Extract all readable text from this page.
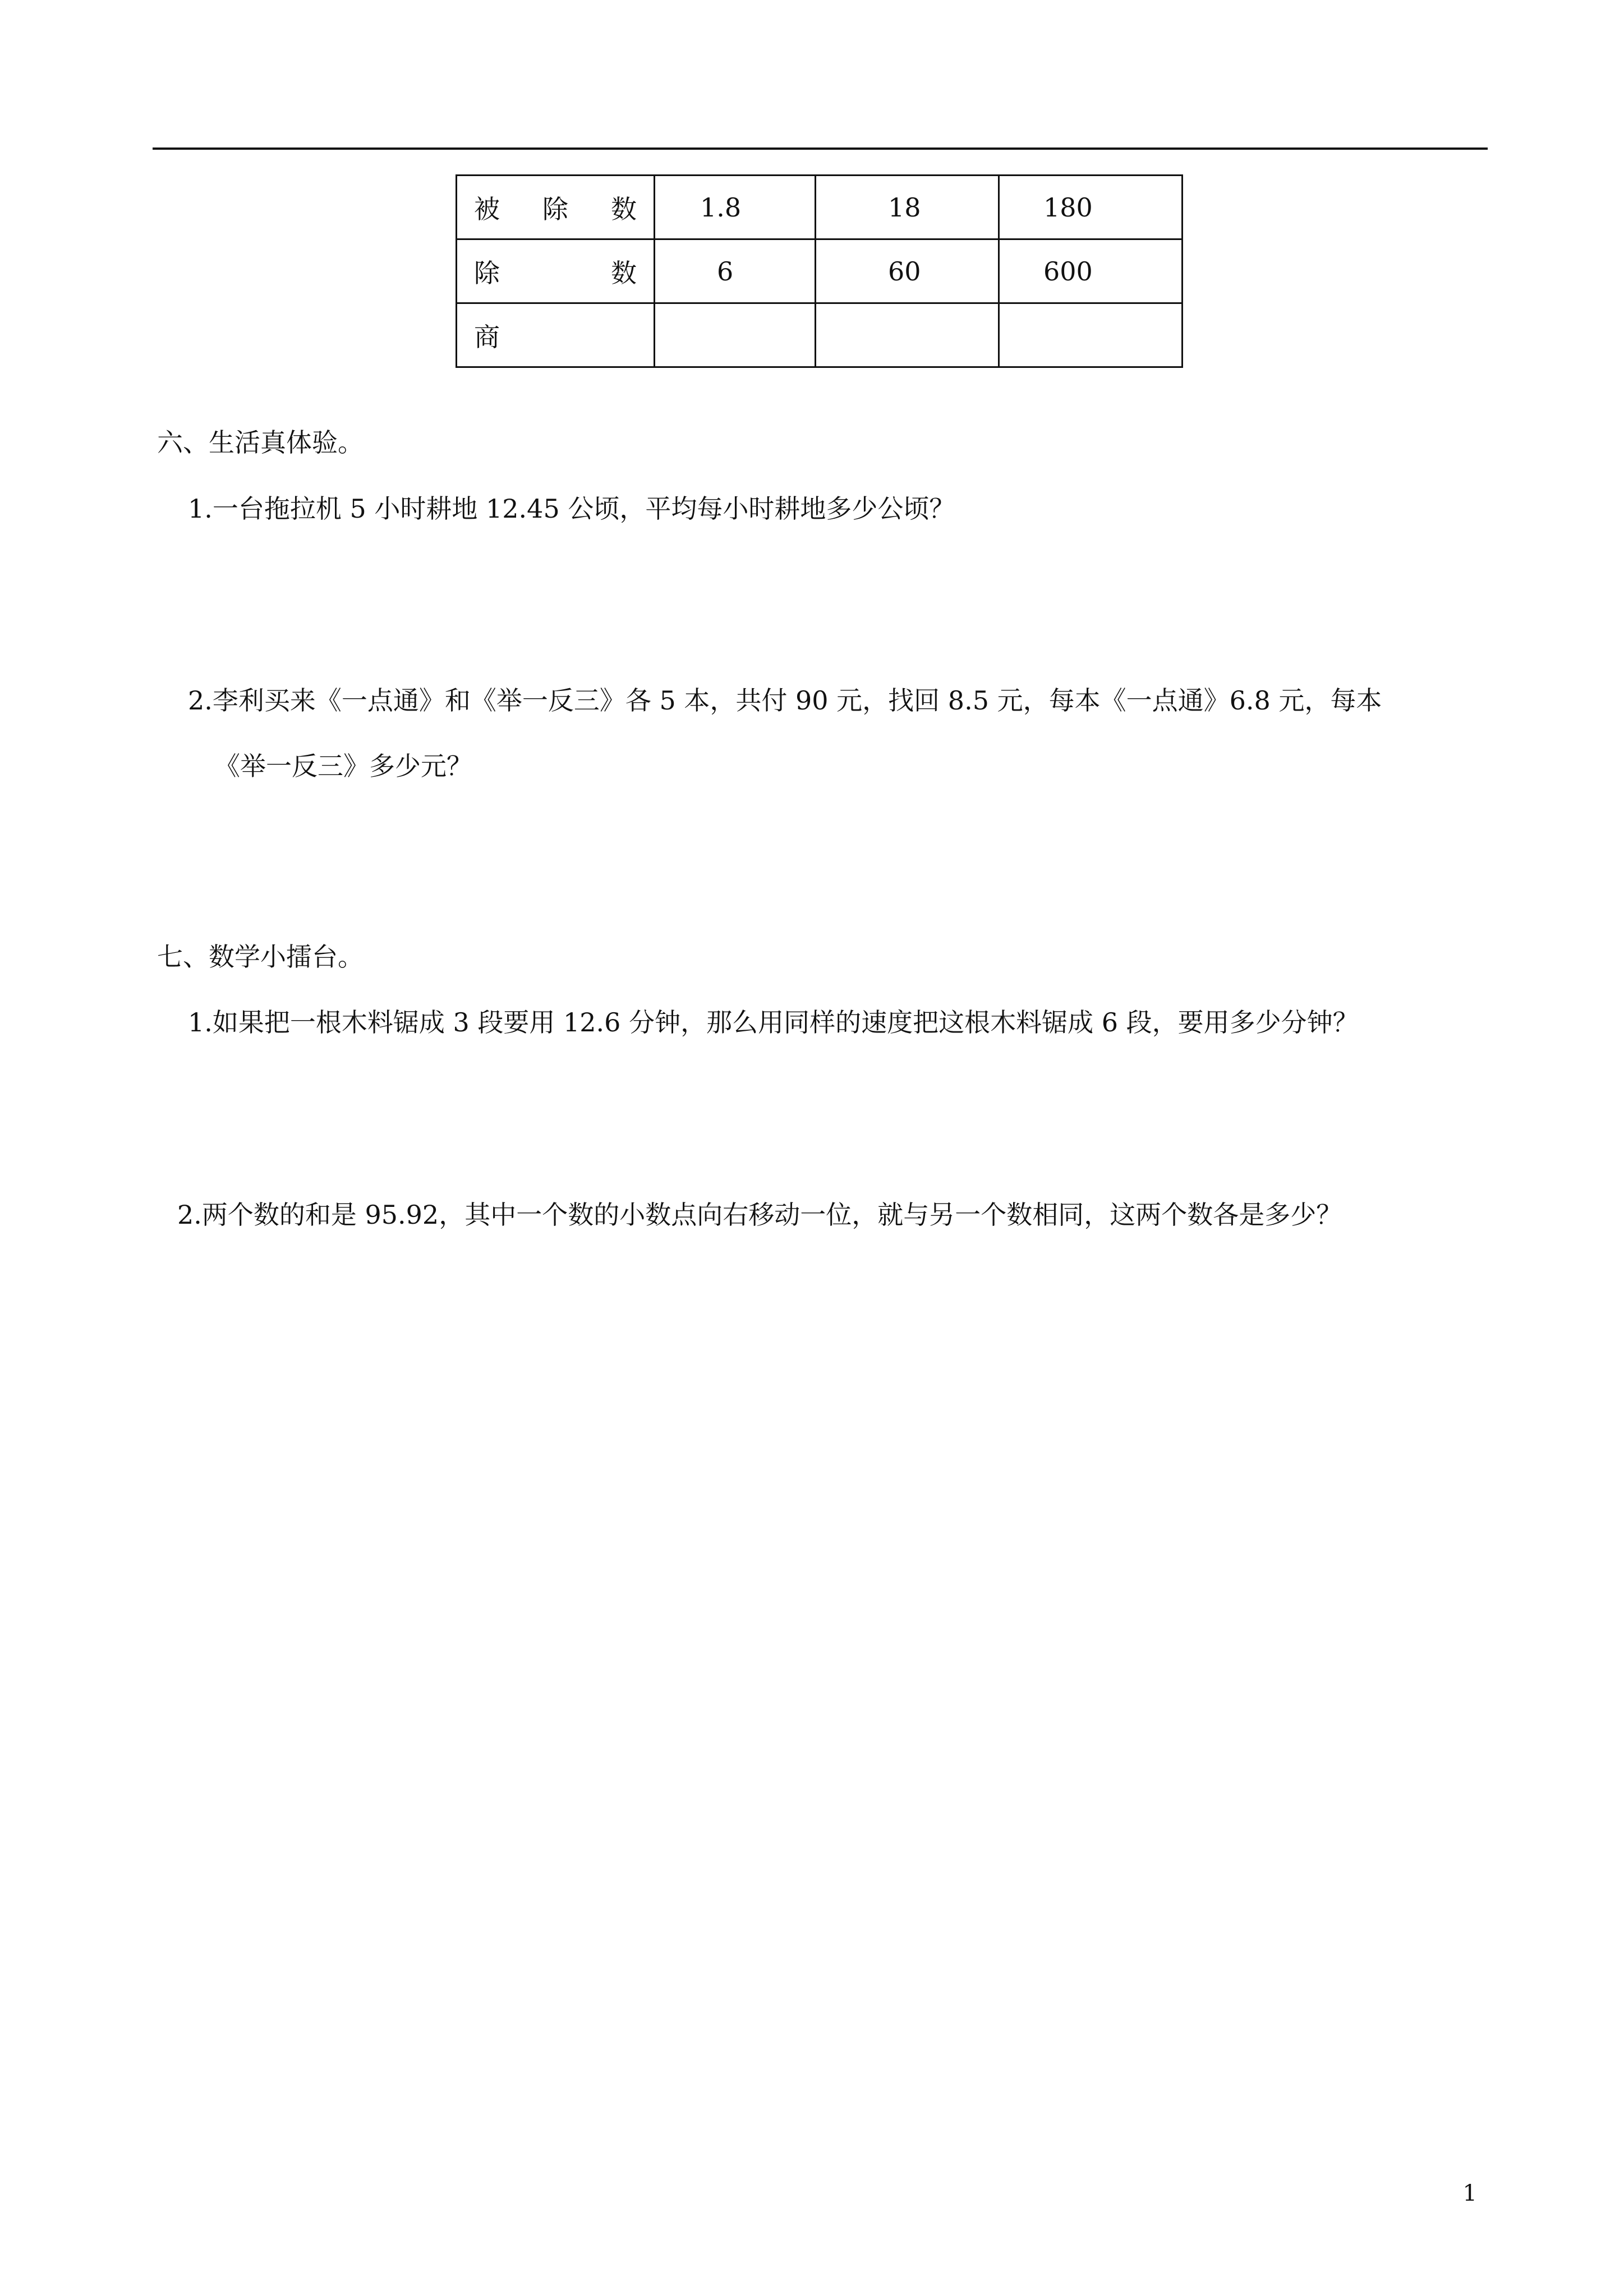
被 除 数	1.8	18	180

除 数	6	60	600

商			
六、生活真体验。
1.一台拖拉机 5 小时耕地 12.45 公顷，平均每小时耕地多少公顷？
2.李利买来《一点通》和《举一反三》各 5 本，共付 90 元，找回 8.5 元，每本《一点通》6.8 元，每本
《举一反三》多少元？
七、数学小擂台。
1.如果把一根木料锯成 3 段要用 12.6 分钟，那么用同样的速度把这根木料锯成 6 段，要用多少分钟？
2.两个数的和是 95.92，其中一个数的小数点向右移动一位，就与另一个数相同，这两个数各是多少？
1
